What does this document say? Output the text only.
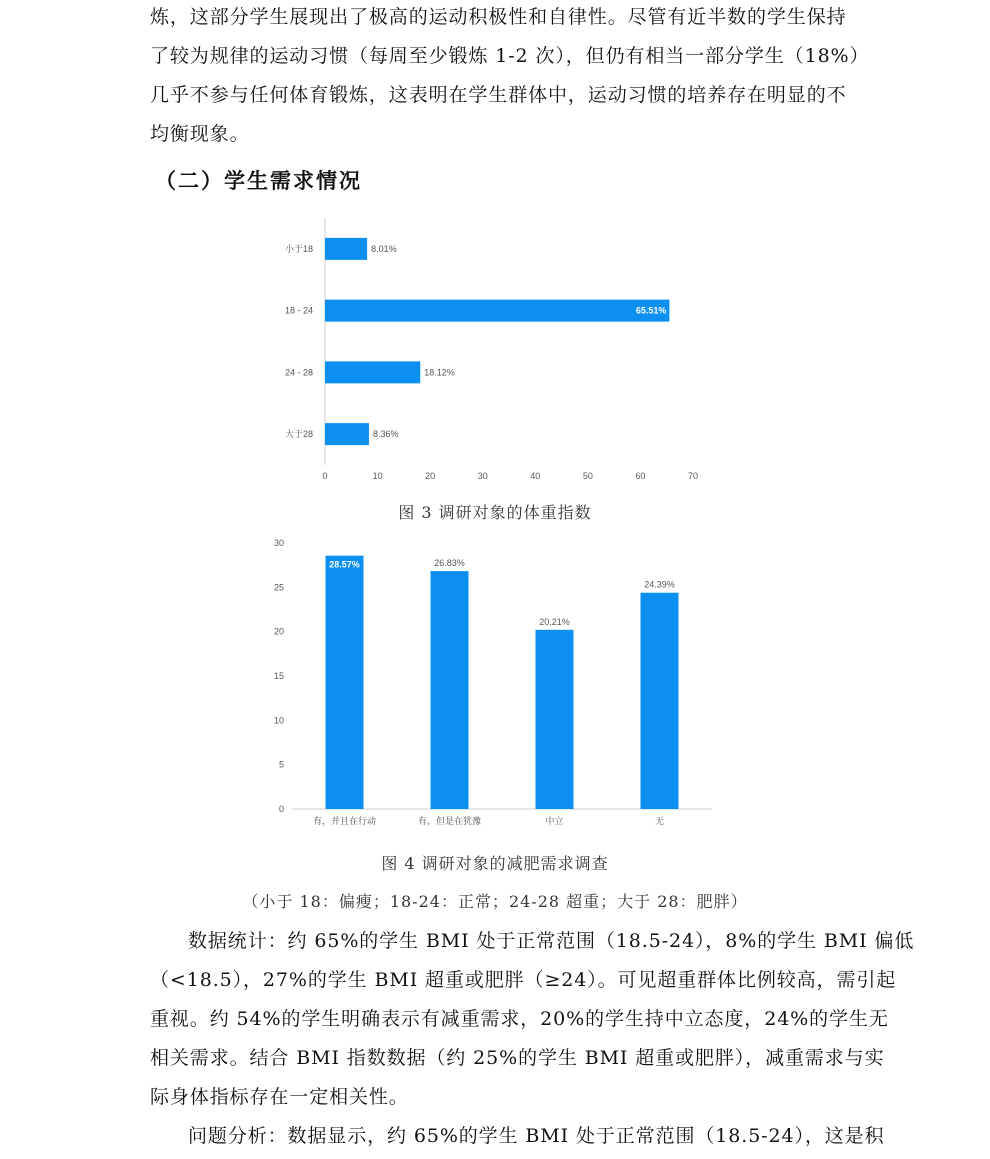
炼，这部分学生展现出了极高的运动积极性和自律性。尽管有近半数的学生保持
了较为规律的运动习惯（每周至少锻炼 1-2 次），但仍有相当一部分学生（18%）
几乎不参与任何体育锻炼，这表明在学生群体中，运动习惯的培养存在明显的不
均衡现象。
（二）学生需求情况
0	10	20	30	40	50	60	70
小于18	8.01%
18 - 24	65.51%
24 - 28	18.12%
大于28	8.36%
图 3 调研对象的体重指数
0
5
10
15
20
25
30
28.57%
有，并且在行动
26.83%
有，但是在犹豫
20.21%
中立
24.39%
无
图 4 调研对象的减肥需求调查
（小于 18：偏瘦；18-24：正常；24-28 超重；大于 28：肥胖）
数据统计：约 65%的学生 BMI 处于正常范围（18.5-24），8%的学生 BMI 偏低
（<18.5），27%的学生 BMI 超重或肥胖（≥24）。可见超重群体比例较高，需引起
重视。约 54%的学生明确表示有减重需求，20%的学生持中立态度，24%的学生无
相关需求。结合 BMI 指数数据（约 25%的学生 BMI 超重或肥胖），减重需求与实
际身体指标存在一定相关性。
问题分析：数据显示，约 65%的学生 BMI 处于正常范围（18.5-24），这是积
